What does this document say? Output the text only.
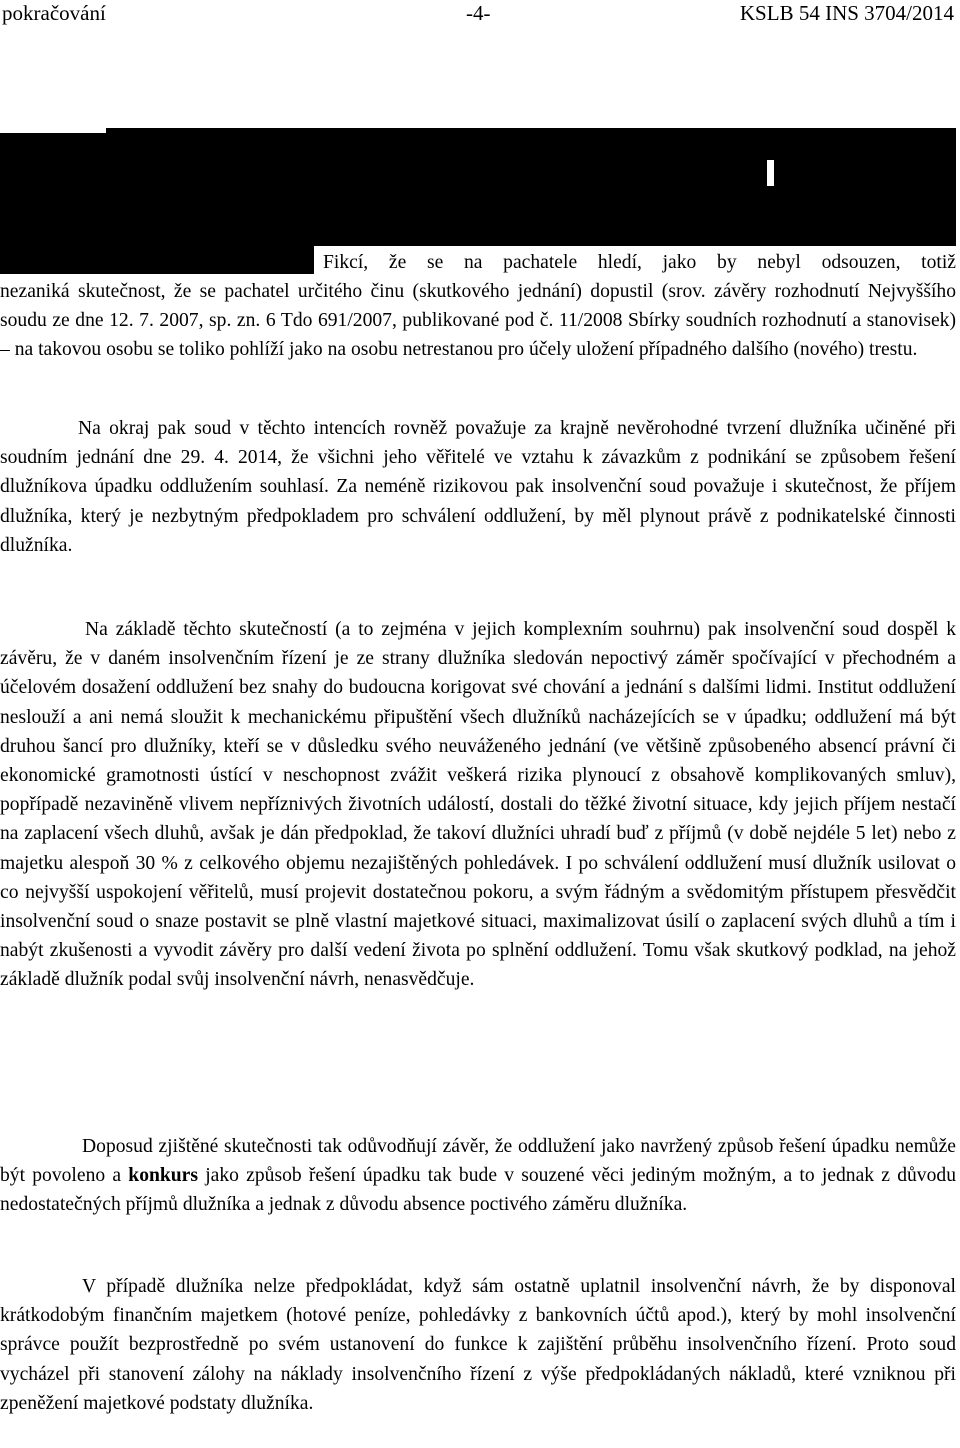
pokračování	-4-	KSLB 54 INS 3704/2014

Fikcí, že se na pachatele hledí, jako by nebyl odsouzen, totiž

nezaniká skutečnost, že se pachatel určitého činu (skutkového jednání) dopustil (srov. závěry rozhodnutí Nejvyššího soudu ze dne 12. 7. 2007, sp. zn. 6 Tdo 691/2007, publikované pod č. 11/2008 Sbírky soudních rozhodnutí a stanovisek) – na takovou osobu se toliko pohlíží jako na osobu netrestanou pro účely uložení případného dalšího (nového) trestu.

Na okraj pak soud v těchto intencích rovněž považuje za krajně nevěrohodné tvrzení dlužníka učiněné při soudním jednání dne 29. 4. 2014, že všichni jeho věřitelé ve vztahu k závazkům z podnikání se způsobem řešení dlužníkova úpadku oddlužením souhlasí. Za neméně rizikovou pak insolvenční soud považuje i skutečnost, že příjem dlužníka, který je nezbytným předpokladem pro schválení oddlužení, by měl plynout právě z podnikatelské činnosti dlužníka.

Na základě těchto skutečností (a to zejména v jejich komplexním souhrnu) pak insolvenční soud dospěl k závěru, že v daném insolvenčním řízení je ze strany dlužníka sledován nepoctivý záměr spočívající v přechodném a účelovém dosažení oddlužení bez snahy do budoucna korigovat své chování a jednání s dalšími lidmi. Institut oddlužení neslouží a ani nemá sloužit k mechanickému připuštění všech dlužníků nacházejících se v úpadku; oddlužení má být druhou šancí pro dlužníky, kteří se v důsledku svého neuváženého jednání (ve většině způsobeného absencí právní či ekonomické gramotnosti ústící v neschopnost zvážit veškerá rizika plynoucí z obsahově komplikovaných smluv), popřípadě nezaviněně vlivem nepříznivých životních událostí, dostali do těžké životní situace, kdy jejich příjem nestačí na zaplacení všech dluhů, avšak je dán předpoklad, že takoví dlužníci uhradí buď z příjmů (v době nejdéle 5 let) nebo z majetku alespoň 30 % z celkového objemu nezajištěných pohledávek. I po schválení oddlužení musí dlužník usilovat o co nejvyšší uspokojení věřitelů, musí projevit dostatečnou pokoru, a svým řádným a svědomitým přístupem přesvědčit insolvenční soud o snaze postavit se plně vlastní majetkové situaci, maximalizovat úsilí o zaplacení svých dluhů a tím i nabýt zkušenosti a vyvodit závěry pro další vedení života po splnění oddlužení. Tomu však skutkový podklad, na jehož základě dlužník podal svůj insolvenční návrh, nenasvědčuje.

Doposud zjištěné skutečnosti tak odůvodňují závěr, že oddlužení jako navržený způsob řešení úpadku nemůže být povoleno a konkurs jako způsob řešení úpadku tak bude v souzené věci jediným možným, a to jednak z důvodu nedostatečných příjmů dlužníka a jednak z důvodu absence poctivého záměru dlužníka.

V případě dlužníka nelze předpokládat, když sám ostatně uplatnil insolvenční návrh, že by disponoval krátkodobým finančním majetkem (hotové peníze, pohledávky z bankovních účtů apod.), který by mohl insolvenční správce použít bezprostředně po svém ustanovení do funkce k zajištění průběhu insolvenčního řízení. Proto soud vycházel při stanovení zálohy na náklady insolvenčního řízení z výše předpokládaných nákladů, které vzniknou při zpeněžení majetkové podstaty dlužníka.
